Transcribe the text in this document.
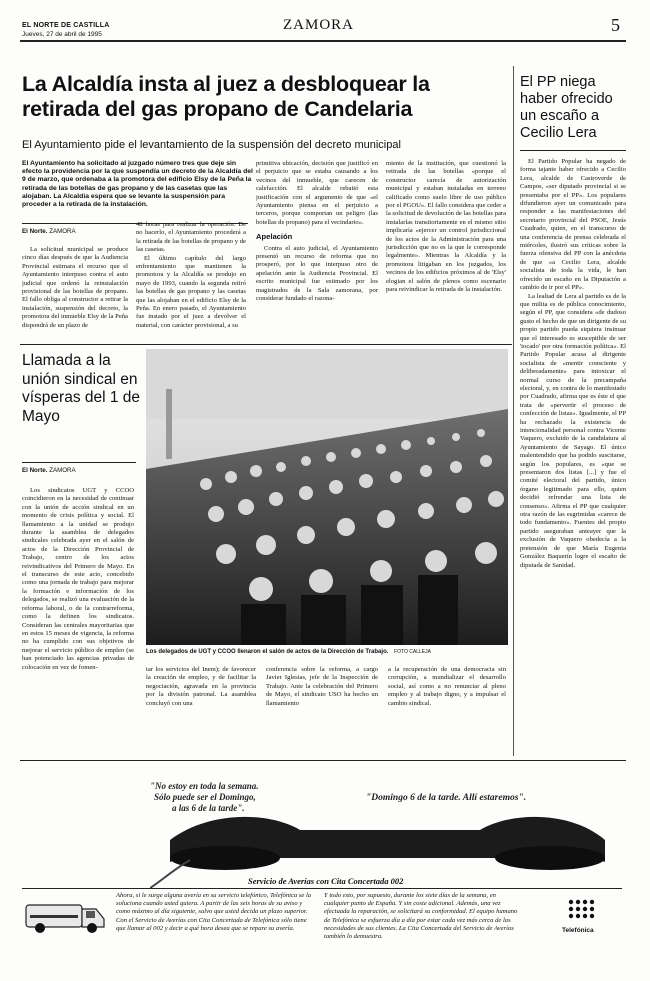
EL NORTE DE CASTILLA
Jueves, 27 de abril de 1995
ZAMORA	5
La Alcaldía insta al juez a desbloquear la retirada del gas propano de Candelaria
El Ayuntamiento pide el levantamiento de la suspensión del decreto municipal
El Ayuntamiento ha solicitado al juzgado número tres que deje sin efecto la providencia por la que suspendía un decreto de la Alcaldía del 9 de marzo, que ordenaba a la promotora del edificio Elsy de la Peña la retirada de las botellas de gas propano y de las casetas que las alojaban. La Alcaldía espera que se levante la suspensión para proceder a la retirada de la instalación.
El Norte. ZAMORA

La solicitud municipal se produce cinco días después de que la Audiencia Provincial estimara el recurso que el Ayuntamiento interpuso contra el auto judicial que ordenó la reinstalación provisional de las botellas de propano. El fallo obliga al constructor a retirar la instalación, suspensión del decreto, la promotora del inmueble Elsy de la Peña dispondrá de un plazo de

48 horas para realizar la operación. De no hacerlo, el Ayuntamiento procederá a la retirada de las botellas de propano y de las casetas.

El último capítulo del largo enfrentamiento que mantienen la promotora y la Alcaldía se produjo en mayo de 1993, cuando la segunda retiró las botellas de gas propano y las casetas que las alojaban en el edificio Elsy de la Peña. En enero pasado, el Ayuntamiento fue instado por el juez a devolver el material, con carácter provisional, a su

primitiva ubicación, decisión que justificó en el perjuicio que se estaba causando a los vecinos del inmueble, que carecen de calefacción. El alcalde rebatió esta justificación con el argumento de que «el Ayuntamiento piensa en el perjuicio a terceros, porque comportan un peligro (las botellas de propano) para el vecindario».

Apelación

Contra el auto judicial, el Ayuntamiento presentó un recurso de reforma que no prosperó, por lo que interpuso otro de apelación ante la Audiencia Provincial. El escrito municipal fue estimado por los magistrados de la Sala zamorana, por considerar fundado el razona-

miento de la institución, que cuestionó la retirada de las botellas «porque el constructor carecía de autorización municipal y estaban instaladas en terreno calificado como suelo libre de uso público por el PGOU». El fallo considera que ceder a la solicitud de devolución de las botellas para instalarlas transitoriamente en el mismo sitio implicaría «ejercer un control jurisdiccional de los actos de la Administración para una jurisdicción que no es la que le corresponde legalmente». Mientras la Alcaldía y la promotora litigaban en los juzgados, los vecinos de los edificios próximos al de 'Elsy' elogian el salón de plenos como escenario para reivindicar la retirada de la instalación.

El PP niega haber ofrecido un escaño a Cecilio Lera

El Partido Popular ha negado de forma tajante haber ofrecido a Cecilio Lera, alcalde de Castroverde de Campos, «ser diputado provincial si se presentaba por el PP». Los populares difundieron ayer un comunicado para responder a las manifestaciones del secretario provincial del PSOE, Jesús Cuadrado, quien, en el transcurso de una conferencia de prensa celebrada el miércoles, ilustró sus críticas sobre la fuerza ofensiva del PP con la anécdota de que «a Cecilio Lera, alcalde socialista de toda la vida, le han ofrecido un escaño en la Diputación a cambio de ir por el PP».

La lealtad de Lera al partido es de la que milita es de pública conocimiento, según el PP, que considera «de dudoso gusto el hecho de que un dirigente de su propio partido pueda siquiera insinuar que el interesado es susceptible de ser 'tocado' por otra formación política». El Partido Popular acusa al dirigente socialista de «mentir consciente y deliberadamente» para intoxicar el normal curso de la precampaña electoral, y, en contra de lo manifestado por Cuadrado, afirma que es éste el que trata de «pervertir el proceso de confección de listas». Igualmente, el PP ha rechazado la existencia de intencionalidad personal contra Vicente Vaquero, excluido de la candidatura al Ayuntamiento de Sayago. El único malentendido que ha podido suscitarse, según los populares, es «que se presentaron dos listas [...] y fue el comité electoral del partido, único órgano legitimado para ello, quien decidió refrendar una lista de consenso». Afirma el PP que cualquier otra razón de las esgrimidas «carece de todo fundamento». Fuentes del propio partido aseguraban anteayer que la exclusión de Vaquero obedecía a la pretensión de que María Eugenia González Baquerín logre el escaño de diputada de Sanidad.

Llamada a la unión sindical en vísperas del 1 de Mayo
El Norte. ZAMORA

Los sindicatos UGT y CCOO coincidieron en la necesidad de continuar con la unión de acción sindical en un momento de crisis política y social. El llamamiento a la unidad se produjo durante la asamblea de delegados sindicales celebrada ayer en el salón de actos de la Dirección Provincial de Trabajo, centro de los actos reivindicativos del Primero de Mayo. En el transcurso de este acto, concebido como una jornada de trabajo para mejorar la formación e información de los delegados, se realizó una evaluación de la reforma laboral, o de la contrarreforma, como la definen los sindicatos. Consideran las centrales mayoritarias que en estos 15 meses de vigencia, la reforma no ha cumplido con sus objetivos de mejorar el servicio público de empleo (se han potenciado las agencias privadas de colocación en vez de fomen-

Los delegados de UGT y CCOO llenaron el salón de actos de la Dirección de Trabajo. FOTO CALLEJA

tar los servicios del Inem); de favorecer la creación de empleo, y de facilitar la negociación, agravada en la provincia por la división patronal. La asamblea concluyó con una

conferencia sobre la reforma, a cargo Javier Iglesias, jefe de la Inspección de Trabajo. Ante la celebración del Primero de Mayo, el sindicato USO ha hecho un llamamiento

a la recuperación de una democracia sin corrupción, a mundializar el desarrollo social, así como a no renunciar al pleno empleo y al trabajo digno, y a impulsar el cambio sindical.

"No estoy en toda la semana.
Sólo puede ser el Domingo,
a las 6 de la tarde".
"Domingo 6 de la tarde. Allí estaremos".
Servicio de Averías con Cita Concertada 002
Ahora, si le surge alguna avería en su servicio telefónico, Telefónica se la soluciona cuando usted quiera. A partir de las seis horas de su aviso y como máximo al día siguiente, salvo que usted decida un plazo superior. Con el Servicio de Averías con Cita Concertada de Telefónica sólo tiene que llamar al 002 y decir a qué hora desea que se repare su avería.
Y todo esto, por supuesto, durante los siete días de la semana, en cualquier punto de España. Y sin coste adicional. Además, una vez efectuada la reparación, se solicitará su conformidad. El equipo humano de Telefónica se esfuerza día a día por estar cada vez más cerca de las necesidades de sus clientes. La Cita Concertada del Servicio de Averías también lo demuestra.
Telefónica
